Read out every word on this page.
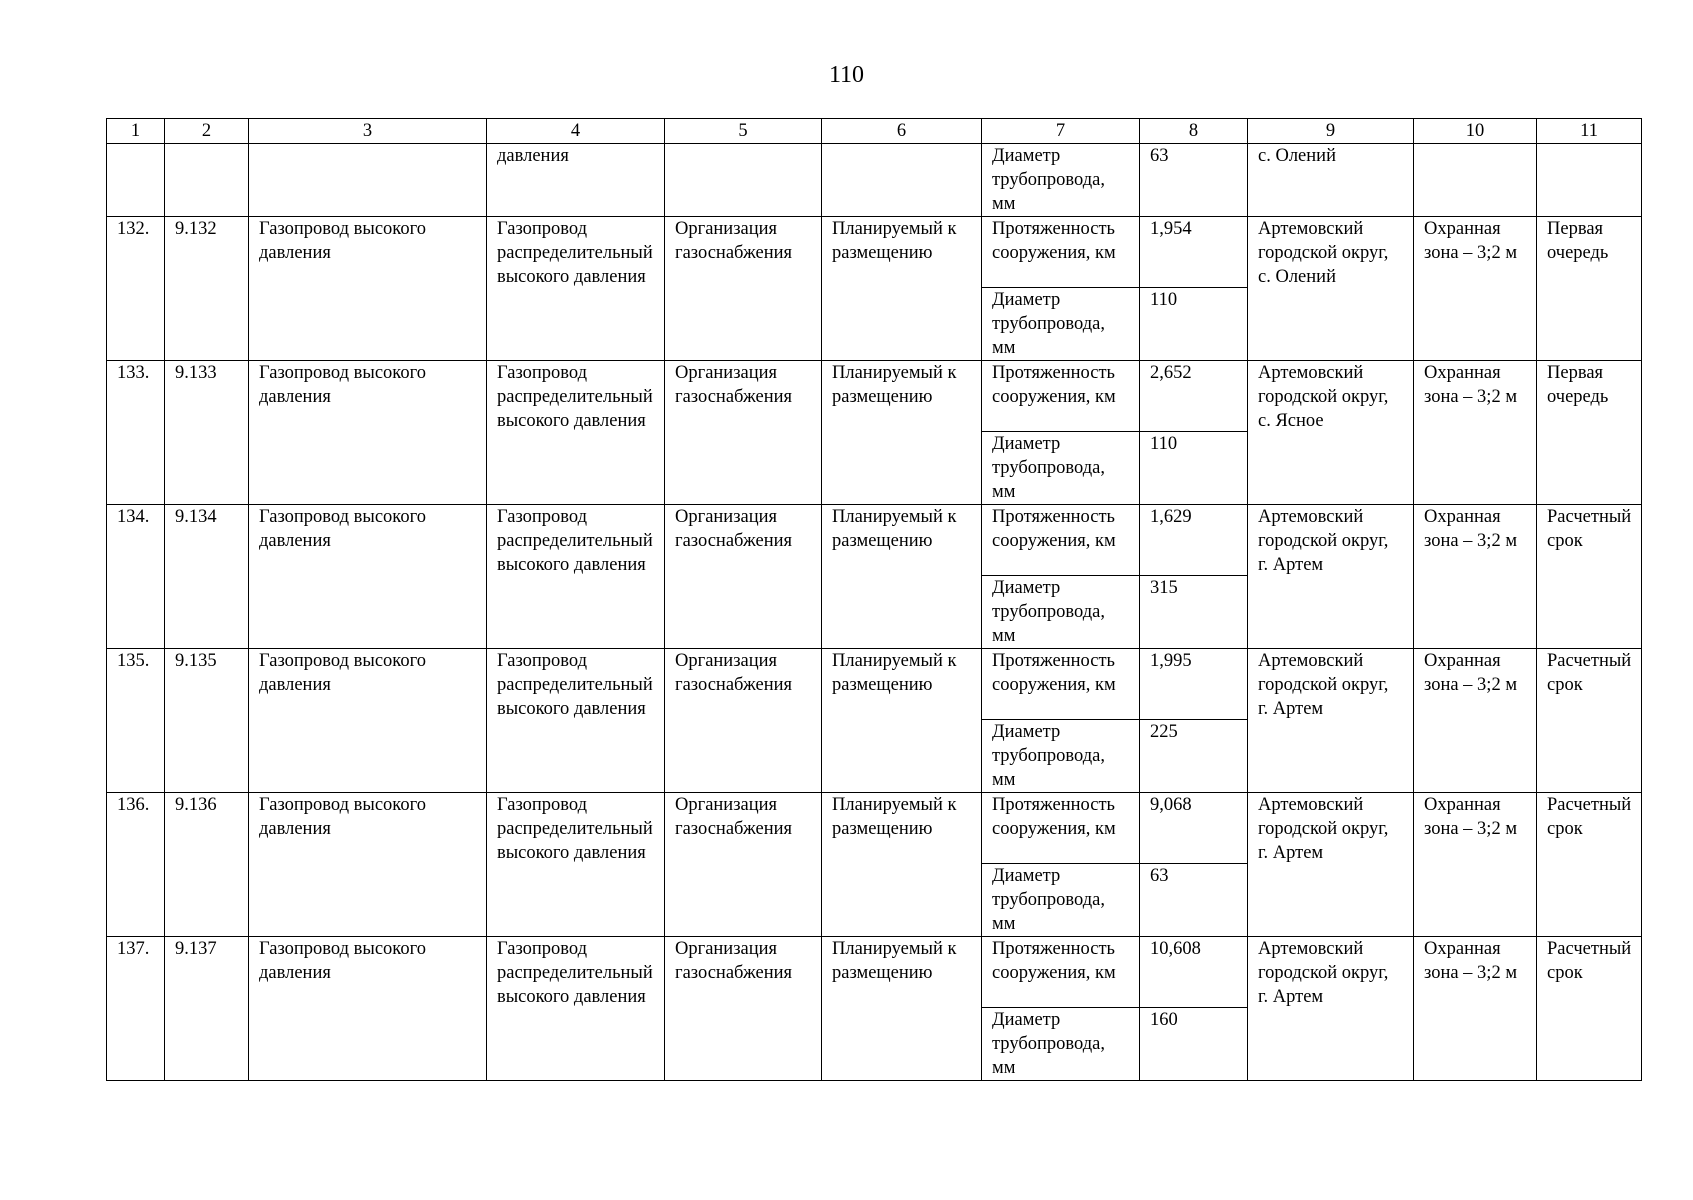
110
1	2	3	4	5	6	7	8	9	10	11
			давления			Диаметр трубопровода, мм	63	с. Олений		
132.	9.132	Газопровод высокого давления	Газопровод распределительный высокого давления	Организация газоснабжения	Планируемый к размещению	Протяженность сооружения, км	1,954	Артемовский городской округ, с. Олений	Охранная зона – 3;2 м	Первая очередь
						Диаметр трубопровода, мм	110			
133.	9.133	Газопровод высокого давления	Газопровод распределительный высокого давления	Организация газоснабжения	Планируемый к размещению	Протяженность сооружения, км	2,652	Артемовский городской округ, с. Ясное	Охранная зона – 3;2 м	Первая очередь
						Диаметр трубопровода, мм	110			
134.	9.134	Газопровод высокого давления	Газопровод распределительный высокого давления	Организация газоснабжения	Планируемый к размещению	Протяженность сооружения, км	1,629	Артемовский городской округ, г. Артем	Охранная зона – 3;2 м	Расчетный срок
						Диаметр трубопровода, мм	315			
135.	9.135	Газопровод высокого давления	Газопровод распределительный высокого давления	Организация газоснабжения	Планируемый к размещению	Протяженность сооружения, км	1,995	Артемовский городской округ, г. Артем	Охранная зона – 3;2 м	Расчетный срок
						Диаметр трубопровода, мм	225			
136.	9.136	Газопровод высокого давления	Газопровод распределительный высокого давления	Организация газоснабжения	Планируемый к размещению	Протяженность сооружения, км	9,068	Артемовский городской округ, г. Артем	Охранная зона – 3;2 м	Расчетный срок
						Диаметр трубопровода, мм	63			
137.	9.137	Газопровод высокого давления	Газопровод распределительный высокого давления	Организация газоснабжения	Планируемый к размещению	Протяженность сооружения, км	10,608	Артемовский городской округ, г. Артем	Охранная зона – 3;2 м	Расчетный срок
						Диаметр трубопровода, мм	160			
